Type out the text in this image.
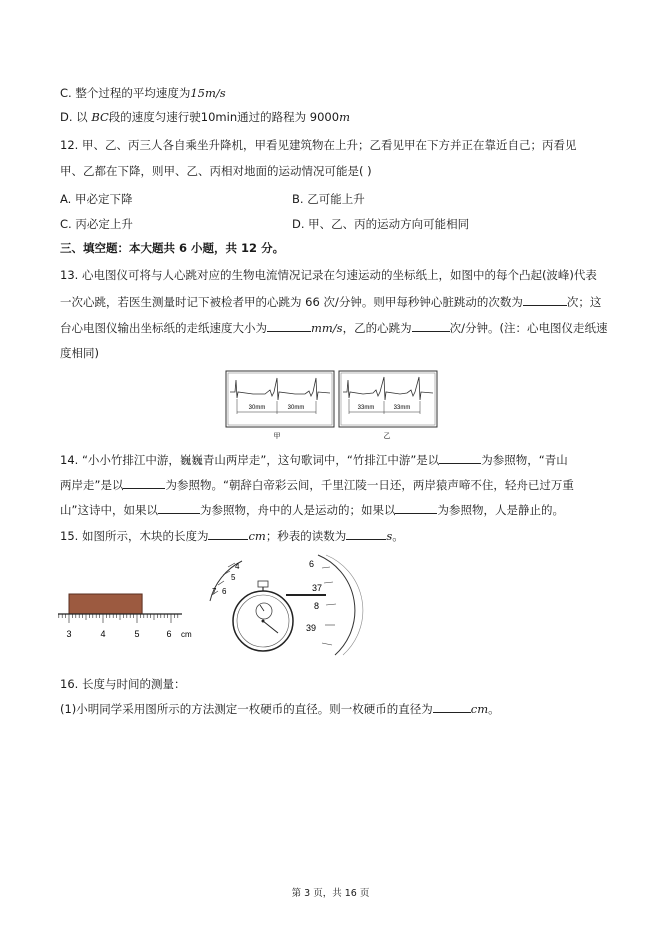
C. 整个过程的平均速度为15m/s
D. 以 BC段的速度匀速行驶10min通过的路程为 9000m
12. 甲、乙、丙三人各自乘坐升降机，甲看见建筑物在上升；乙看见甲在下方并正在靠近自己；丙看见
甲、乙都在下降，则甲、乙、丙相对地面的运动情况可能是( )
A. 甲必定下降	B. 乙可能上升
C. 丙必定上升	D. 甲、乙、丙的运动方向可能相同
三、填空题：本大题共 6 小题，共 12 分。
13. 心电图仪可将与人心跳对应的生物电流情况记录在匀速运动的坐标纸上，如图中的每个凸起(波峰)代表
一次心跳，若医生测量时记下被检者甲的心跳为 66 次/分钟。则甲每秒钟心脏跳动的次数为	次；这
台心电图仪输出坐标纸的走纸速度大小为	mm/s，乙的心跳为	次/分钟。(注：心电图仪走纸速
度相同)
30mm	30mm
甲
33mm	33mm
乙
14. “小小竹排江中游，巍巍青山两岸走”，这句歌词中，“竹排江中游”是以	为参照物，“青山
两岸走”是以	为参照物。“朝辞白帝彩云间，千里江陵一日还，两岸猿声啼不住，轻舟已过万重
山”这诗中，如果以	为参照物，舟中的人是运动的；如果以	为参照物，人是静止的。
15. 如图所示，木块的长度为	cm；秒表的读数为	s。
3	4	5	6 cm
4
5
7 6
6
37
8
39
16. 长度与时间的测量：
(1)小明同学采用图所示的方法测定一枚硬币的直径。则一枚硬币的直径为	cm。
第 3 页，共 16 页
